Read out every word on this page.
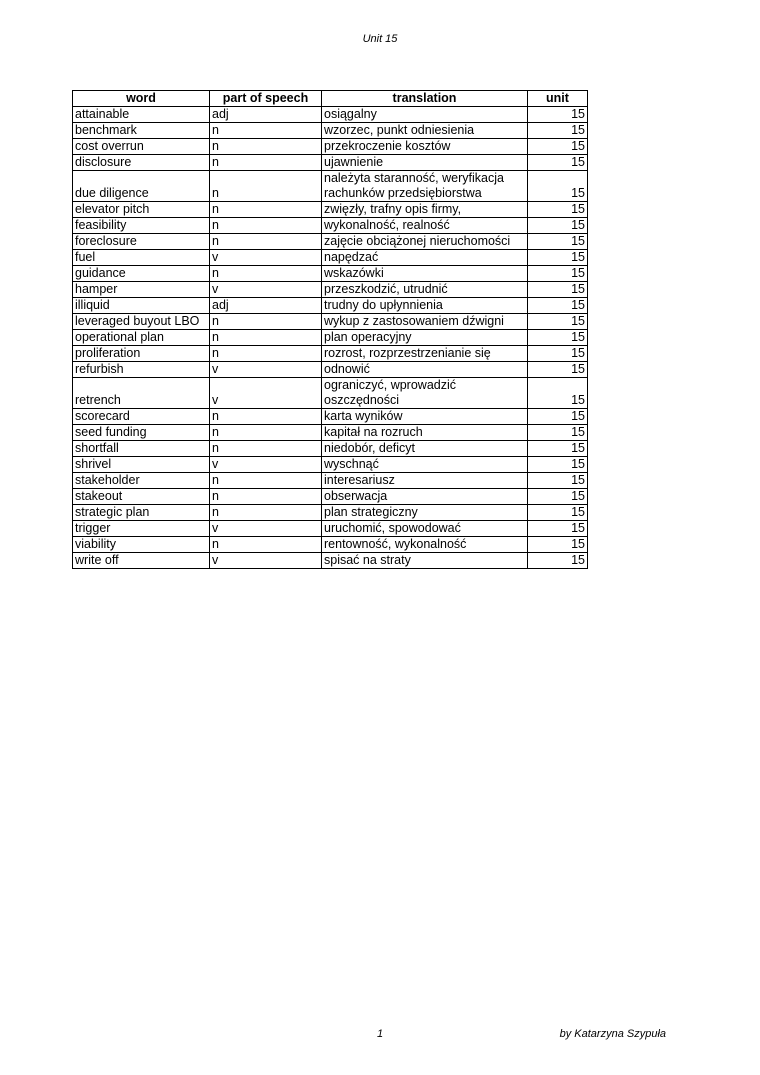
Unit 15
word	part of speech	translation	unit
attainable	adj	osiągalny	15
benchmark	n	wzorzec, punkt odniesienia	15
cost overrun	n	przekroczenie kosztów	15
disclosure	n	ujawnienie	15
due diligence	n	należyta staranność, weryfikacja rachunków przedsiębiorstwa	15
elevator pitch	n	zwięzły, trafny opis firmy,	15
feasibility	n	wykonalność, realność	15
foreclosure	n	zajęcie obciążonej nieruchomości	15
fuel	v	napędzać	15
guidance	n	wskazówki	15
hamper	v	przeszkodzić, utrudnić	15
illiquid	adj	trudny do upłynnienia	15
leveraged buyout LBO	n	wykup z zastosowaniem dźwigni	15
operational plan	n	plan operacyjny	15
proliferation	n	rozrost, rozprzestrzenianie się	15
refurbish	v	odnowić	15
retrench	v	ograniczyć, wprowadzić oszczędności	15
scorecard	n	karta wyników	15
seed funding	n	kapitał na rozruch	15
shortfall	n	niedobór, deficyt	15
shrivel	v	wyschnąć	15
stakeholder	n	interesariusz	15
stakeout	n	obserwacja	15
strategic plan	n	plan strategiczny	15
trigger	v	uruchomić, spowodować	15
viability	n	rentowność, wykonalność	15
write off	v	spisać na straty	15
1	by Katarzyna Szypuła
